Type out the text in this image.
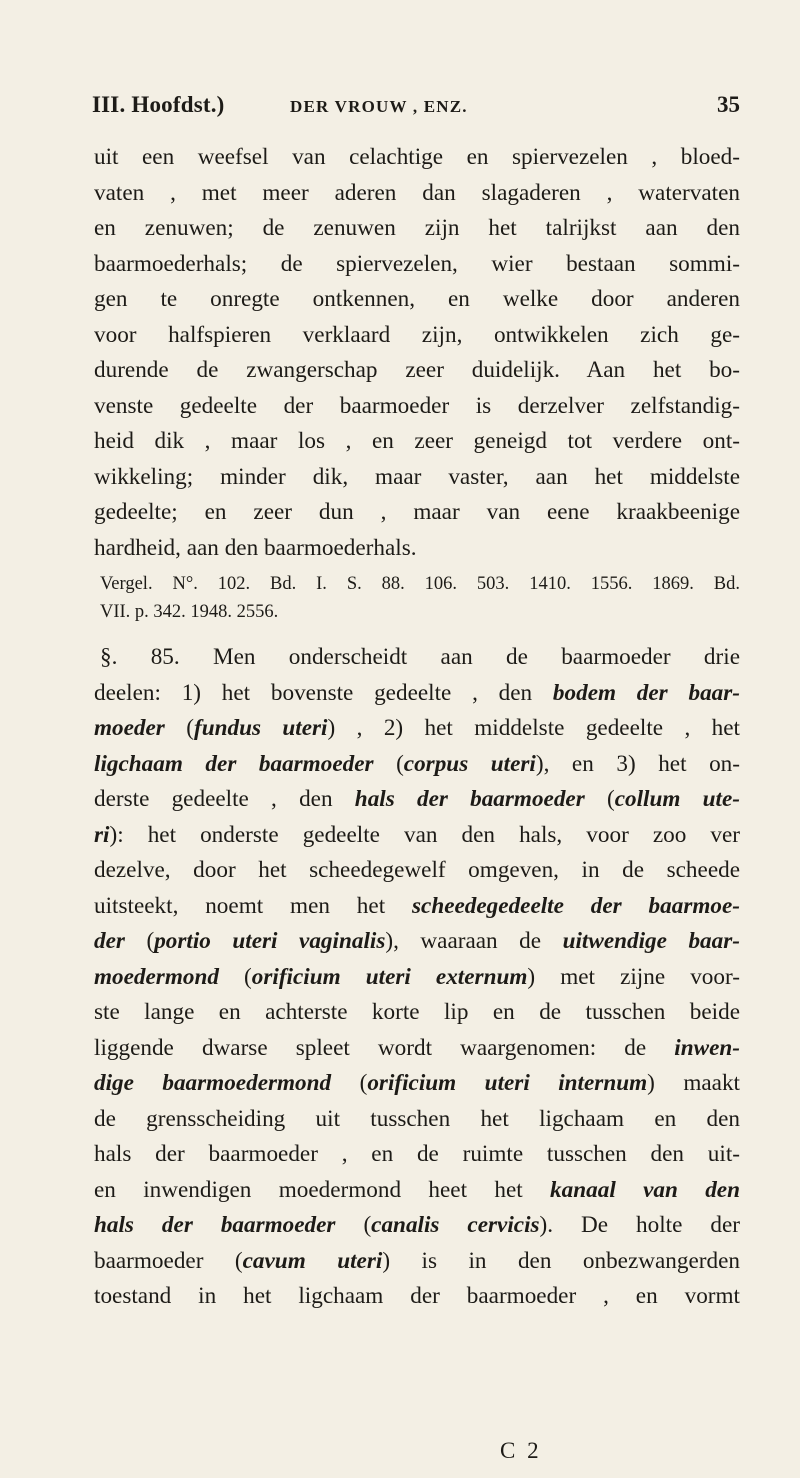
III. Hoofdst.)	DER VROUW , ENZ.	35
uit een weefsel van celachtige en spiervezelen , bloed-
vaten , met meer aderen dan slagaderen , watervaten
en zenuwen; de zenuwen zijn het talrijkst aan den
baarmoederhals; de spiervezelen, wier bestaan sommi-
gen te onregte ontkennen, en welke door anderen
voor halfspieren verklaard zijn, ontwikkelen zich ge-
durende de zwangerschap zeer duidelijk. Aan het bo-
venste gedeelte der baarmoeder is derzelver zelfstandig-
heid dik , maar los , en zeer geneigd tot verdere ont-
wikkeling; minder dik, maar vaster, aan het middelste
gedeelte; en zeer dun , maar van eene kraakbeenige
hardheid, aan den baarmoederhals.
Vergel. N°. 102. Bd. I. S. 88. 106. 503. 1410. 1556. 1869. Bd.
VII. p. 342. 1948. 2556.
§. 85. Men onderscheidt aan de baarmoeder drie
deelen: 1) het bovenste gedeelte , den bodem der baar-
moeder (fundus uteri) , 2) het middelste gedeelte , het
ligchaam der baarmoeder (corpus uteri), en 3) het on-
derste gedeelte , den hals der baarmoeder (collum ute-
ri): het onderste gedeelte van den hals, voor zoo ver
dezelve, door het scheedegewelf omgeven, in de scheede
uitsteekt, noemt men het scheedegedeelte der baarmoe-
der (portio uteri vaginalis), waaraan de uitwendige baar-
moedermond (orificium uteri externum) met zijne voor-
ste lange en achterste korte lip en de tusschen beide
liggende dwarse spleet wordt waargenomen: de inwen-
dige baarmoedermond (orificium uteri internum) maakt
de grensscheiding uit tusschen het ligchaam en den
hals der baarmoeder , en de ruimte tusschen den uit-
en inwendigen moedermond heet het kanaal van den
hals der baarmoeder (canalis cervicis). De holte der
baarmoeder (cavum uteri) is in den onbezwangerden
toestand in het ligchaam der baarmoeder , en vormt
C 2
